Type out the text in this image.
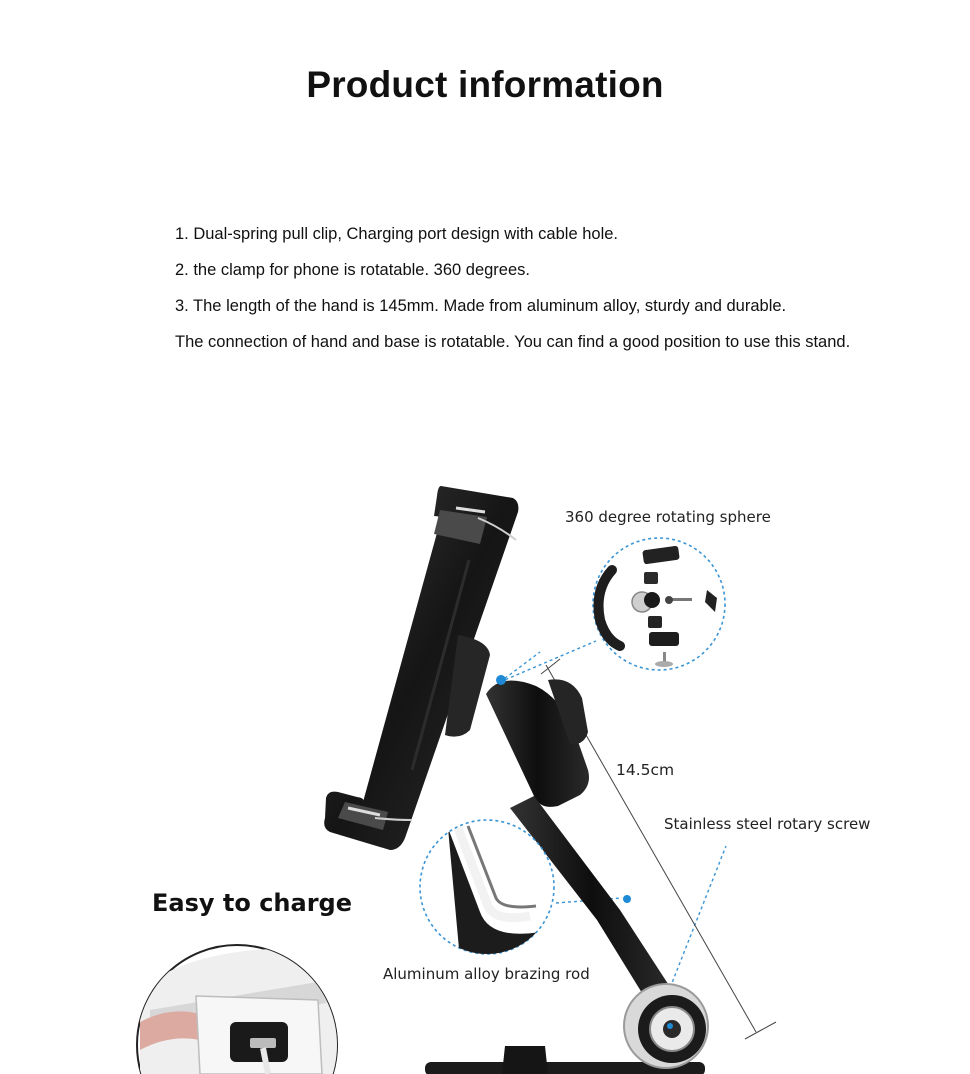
Product information
1. Dual-spring pull clip, Charging port design with cable hole.
2. the clamp for phone is rotatable. 360 degrees.
3. The length of the hand is 145mm. Made from aluminum alloy, sturdy and durable.
The connection of hand and base is rotatable. You can find a good position to use this stand.
360 degree rotating sphere
14.5cm
Stainless steel rotary screw
Aluminum alloy brazing rod
Easy to charge
